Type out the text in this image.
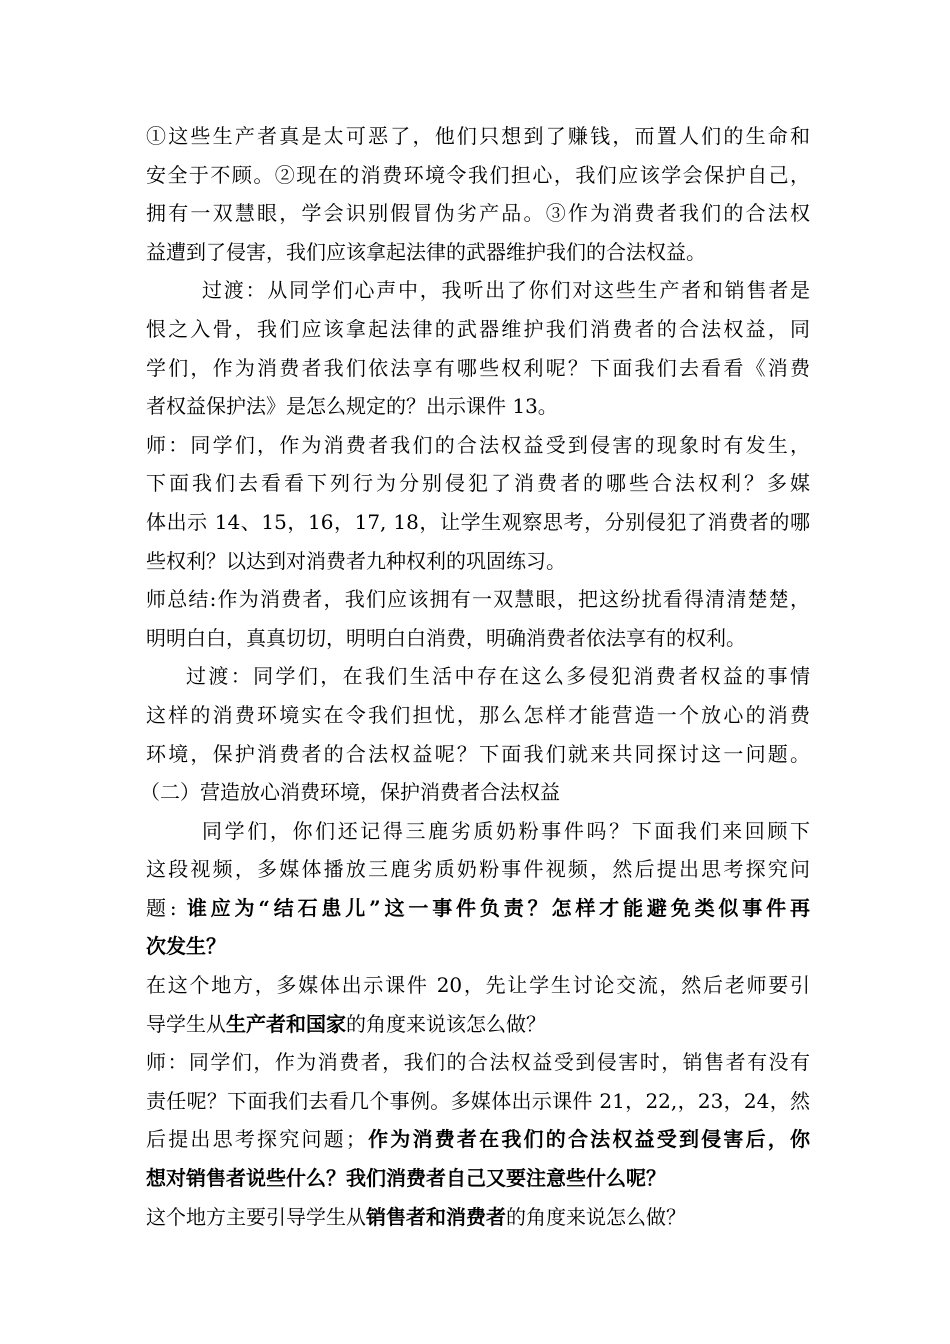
①这些生产者真是太可恶了，他们只想到了赚钱，而置人们的生命和
安全于不顾。②现在的消费环境令我们担心，我们应该学会保护自己，
拥有一双慧眼，学会识别假冒伪劣产品。③作为消费者我们的合法权
益遭到了侵害，我们应该拿起法律的武器维护我们的合法权益。
过渡：从同学们心声中，我听出了你们对这些生产者和销售者是
恨之入骨，我们应该拿起法律的武器维护我们消费者的合法权益，同
学们，作为消费者我们依法享有哪些权利呢？下面我们去看看《消费
者权益保护法》是怎么规定的？出示课件 13。
师：同学们，作为消费者我们的合法权益受到侵害的现象时有发生，
下面我们去看看下列行为分别侵犯了消费者的哪些合法权利？多媒
体出示 14、15，16，17, 18，让学生观察思考，分别侵犯了消费者的哪
些权利？以达到对消费者九种权利的巩固练习。
师总结:作为消费者，我们应该拥有一双慧眼，把这纷扰看得清清楚楚，
明明白白，真真切切，明明白白消费，明确消费者依法享有的权利。
过渡：同学们，在我们生活中存在这么多侵犯消费者权益的事情
这样的消费环境实在令我们担忧，那么怎样才能营造一个放心的消费
环境，保护消费者的合法权益呢？下面我们就来共同探讨这一问题。
（二）营造放心消费环境，保护消费者合法权益
同学们，你们还记得三鹿劣质奶粉事件吗？下面我们来回顾下
这段视频，多媒体播放三鹿劣质奶粉事件视频，然后提出思考探究问
题: 谁应为“结石患儿”这一事件负责？怎样才能避免类似事件再
次发生？
在这个地方，多媒体出示课件 20，先让学生讨论交流，然后老师要引
导学生从生产者和国家的角度来说该怎么做？
师：同学们，作为消费者，我们的合法权益受到侵害时，销售者有没有
责任呢？下面我们去看几个事例。多媒体出示课件 21，22,，23，24，然
后提出思考探究问题；作为消费者在我们的合法权益受到侵害后，你
想对销售者说些什么？我们消费者自己又要注意些什么呢？
这个地方主要引导学生从销售者和消费者的角度来说怎么做？
